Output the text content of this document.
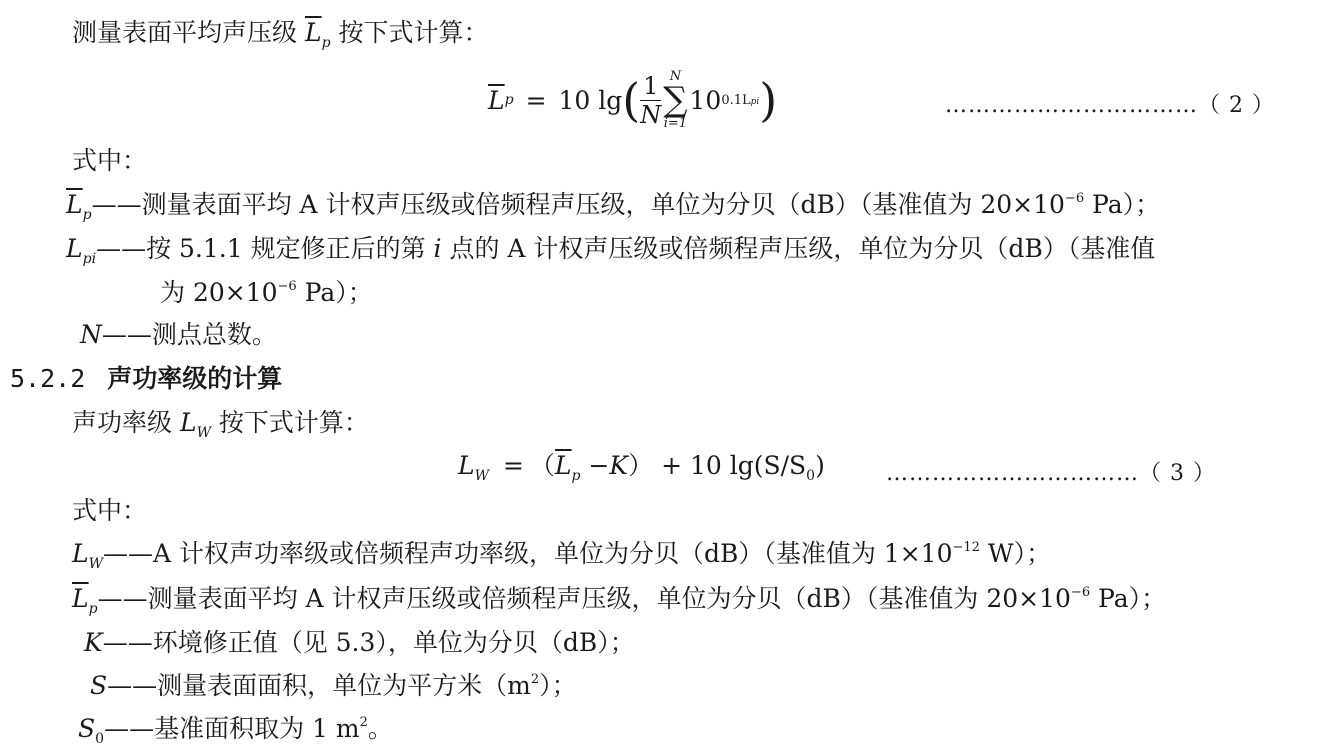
测量表面平均声压级 $\overline{L}_p$ 按下式计算：
$\overline{L}$ p = 10 lg ( $\frac{1}{N}$ N
∑
i=1
10 0.1Lpi )	……………………………（ 2 ）
式中：
$\overline{L}_p——$测量表面平均 A 计权声压级或倍频程声压级，单位为分贝（dB）（基准值为 $20\times 10^{-6}$ Pa）；
$L_{pi}——$按 5.1.1 规定修正后的第 i 点的 A 计权声压级或倍频程声压级，单位为分贝（dB）（基准值
为 $20\times 10^{-6}$ Pa）；
N——测点总数。
5.2.2 声功率级的计算
声功率级 $L_W$ 按下式计算：
$L_W = (\overline{L}_p -K) + 10$ $\lg(S/S_0)$	……………………………（ 3 ）
式中：
$L_W——A$ 计权声功率级或倍频程声功率级，单位为分贝（dB）（基准值为 $1\times 10^{-12}$ W）；
$\overline{L}_p——$测量表面平均 A 计权声压级或倍频程声压级，单位为分贝（dB）（基准值为 $20\times 10^{-6}$ Pa）；
K——环境修正值（见 5.3），单位为分贝（dB）；
S——测量表面面积，单位为平方米$(m^2)$；
$S_0——$基准面积取为 1 $m^2$。
